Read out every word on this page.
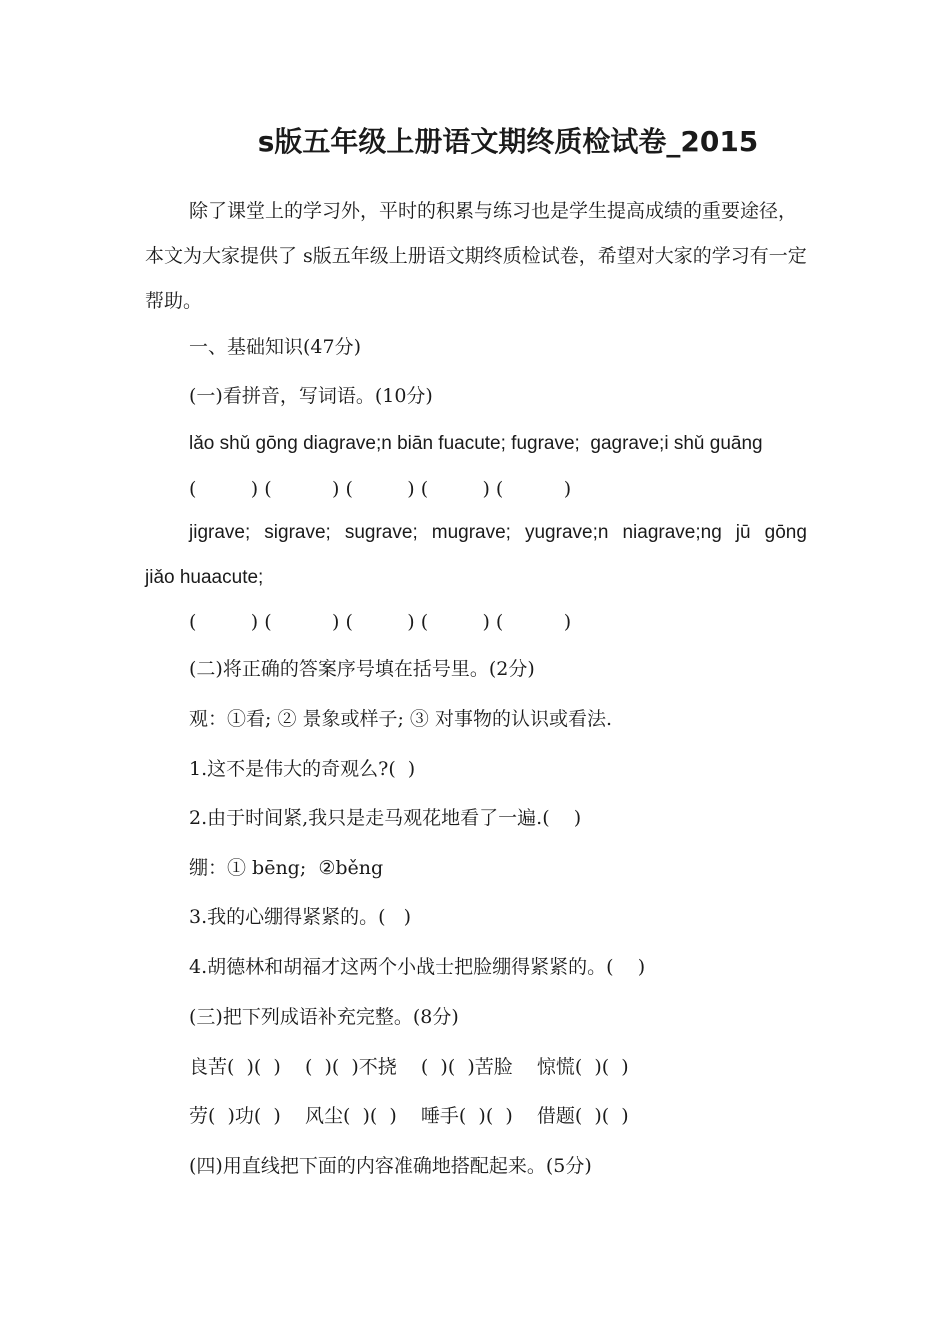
s版五年级上册语文期终质检试卷_2015
除了课堂上的学习外，平时的积累与练习也是学生提高成绩的重要途径，本文为大家提供了 s版五年级上册语文期终质检试卷，希望对大家的学习有一定帮助。
一、基础知识(47分)
(一)看拼音，写词语。(10分)
lǎo shǔ gōng diagrave;n biān fuacute; fugrave;  gagrave;i shǔ guāng
(         ) (          ) (         ) (         ) (          )
jigrave; sigrave; sugrave; mugrave; yugrave;n niagrave;ng jū gōng
jiǎo huaacute;
(         ) (          ) (         ) (         ) (          )
(二)将正确的答案序号填在括号里。(2分)
观：①看; ② 景象或样子; ③ 对事物的认识或看法.
1.这不是伟大的奇观么?(  )
2.由于时间紧,我只是走马观花地看了一遍.(    )
绷：① bēng;  ②běng
3.我的心绷得紧紧的。(   )
4.胡德林和胡福才这两个小战士把脸绷得紧紧的。(    )
(三)把下列成语补充完整。(8分)
良苦(  )(  )    (  )(  )不挠    (  )(  )苦脸    惊慌(  )(  )
劳(  )功(  )    风尘(  )(  )    唾手(  )(  )    借题(  )(  )
(四)用直线把下面的内容准确地搭配起来。(5分)
